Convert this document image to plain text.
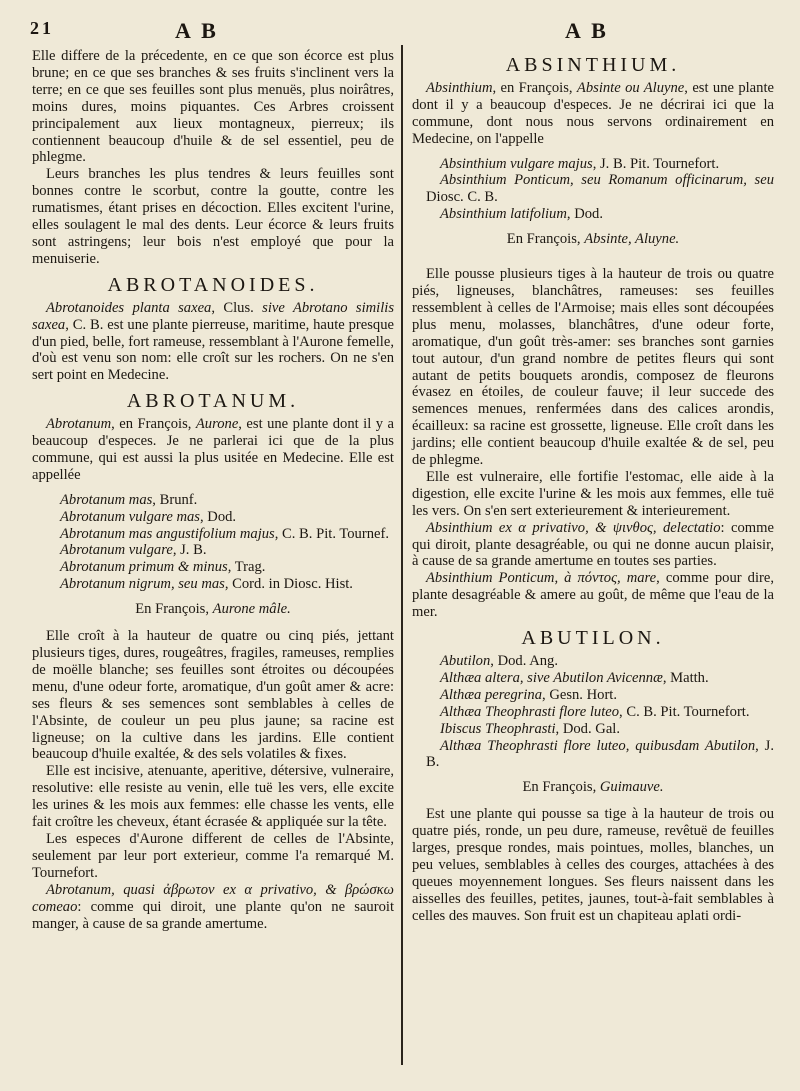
21	A B	A B

Elle differe de la précedente, en ce que son écorce est plus brune; en ce que ses branches & ses fruits s'inclinent vers la terre; en ce que ses feuilles sont plus menuës, plus noirâtres, moins dures, moins piquantes. Ces Arbres croissent principalement aux lieux montagneux, pierreux; ils contiennent beaucoup d'huile & de sel essentiel, peu de phlegme.

Leurs branches les plus tendres & leurs feuilles sont bonnes contre le scorbut, contre la goutte, contre les rumatismes, étant prises en décoction. Elles excitent l'urine, elles soulagent le mal des dents. Leur écorce & leurs fruits sont astringens; leur bois n'est employé que pour la menuiserie.

ABROTANOIDES.

Abrotanoides planta saxea, Clus. sive Abrotano similis saxea, C. B. est une plante pierreuse, maritime, haute presque d'un pied, belle, fort rameuse, ressemblant à l'Aurone femelle, d'où est venu son nom: elle croît sur les rochers. On ne s'en sert point en Medecine.

ABROTANUM.

Abrotanum, en François, Aurone, est une plante dont il y a beaucoup d'especes. Je ne parlerai ici que de la plus commune, qui est aussi la plus usitée en Medecine. Elle est appellée

Abrotanum mas, Brunf.

Abrotanum vulgare mas, Dod.

Abrotanum mas angustifolium majus, C. B. Pit. Tournef.

Abrotanum vulgare, J. B.

Abrotanum primum & minus, Trag.

Abrotanum nigrum, seu mas, Cord. in Diosc. Hist.

En François, Aurone mâle.

Elle croît à la hauteur de quatre ou cinq piés, jettant plusieurs tiges, dures, rougeâtres, fragiles, rameuses, remplies de moëlle blanche; ses feuilles sont étroites ou découpées menu, d'une odeur forte, aromatique, d'un goût amer & acre: ses fleurs & ses semences sont semblables à celles de l'Absinte, de couleur un peu plus jaune; sa racine est ligneuse; on la cultive dans les jardins. Elle contient beaucoup d'huile exaltée, & des sels volatiles & fixes.

Elle est incisive, atenuante, aperitive, détersive, vulneraire, resolutive: elle resiste au venin, elle tuë les vers, elle excite les urines & les mois aux femmes: elle chasse les vents, elle fait croître les cheveux, étant écrasée & appliquée sur la tête.

Les especes d'Aurone different de celles de l'Absinte, seulement par leur port exterieur, comme l'a remarqué M. Tournefort.

Abrotanum, quasi ἀβρωτον ex α privativo, & βρώσκω comeao: comme qui diroit, une plante qu'on ne sauroit manger, à cause de sa grande amertume.

ABSINTHIUM.

Absinthium, en François, Absinte ou Aluyne, est une plante dont il y a beaucoup d'especes. Je ne décrirai ici que la commune, dont nous nous servons ordinairement en Medecine, on l'appelle

Absinthium vulgare majus, J. B. Pit. Tournefort.

Absinthium Ponticum, seu Romanum officinarum, seu Diosc. C. B.

Absinthium latifolium, Dod.

En François, Absinte, Aluyne.

Elle pousse plusieurs tiges à la hauteur de trois ou quatre piés, ligneuses, blanchâtres, rameuses: ses feuilles ressemblent à celles de l'Armoise; mais elles sont découpées plus menu, molasses, blanchâtres, d'une odeur forte, aromatique, d'un goût très-amer: ses branches sont garnies tout autour, d'un grand nombre de petites fleurs qui sont autant de petits bouquets arondis, composez de fleurons évasez en étoiles, de couleur fauve; il leur succede des semences menues, renfermées dans des calices arondis, écailleux: sa racine est grossette, ligneuse. Elle croît dans les jardins; elle contient beaucoup d'huile exaltée & de sel, peu de phlegme.

Elle est vulneraire, elle fortifie l'estomac, elle aide à la digestion, elle excite l'urine & les mois aux femmes, elle tuë les vers. On s'en sert exterieurement & interieurement.

Absinthium ex α privativo, & ψινθος, delectatio: comme qui diroit, plante desagréable, ou qui ne donne aucun plaisir, à cause de sa grande amertume en toutes ses parties.

Absinthium Ponticum, à πόντος, mare, comme pour dire, plante desagréable & amere au goût, de même que l'eau de la mer.

ABUTILON.

Abutilon, Dod. Ang.

Althæa altera, sive Abutilon Avicennæ, Matth.

Althæa peregrina, Gesn. Hort.

Althæa Theophrasti flore luteo, C. B. Pit. Tournefort.

Ibiscus Theophrasti, Dod. Gal.

Althæa Theophrasti flore luteo, quibusdam Abutilon, J. B.

En François, Guimauve.

Est une plante qui pousse sa tige à la hauteur de trois ou quatre piés, ronde, un peu dure, rameuse, revêtuë de feuilles larges, presque rondes, mais pointues, molles, blanches, un peu velues, semblables à celles des courges, attachées à des queues moyennement longues. Ses fleurs naissent dans les aisselles des feuilles, petites, jaunes, tout-à-fait semblables à celles des mauves. Son fruit est un chapiteau aplati ordi-
